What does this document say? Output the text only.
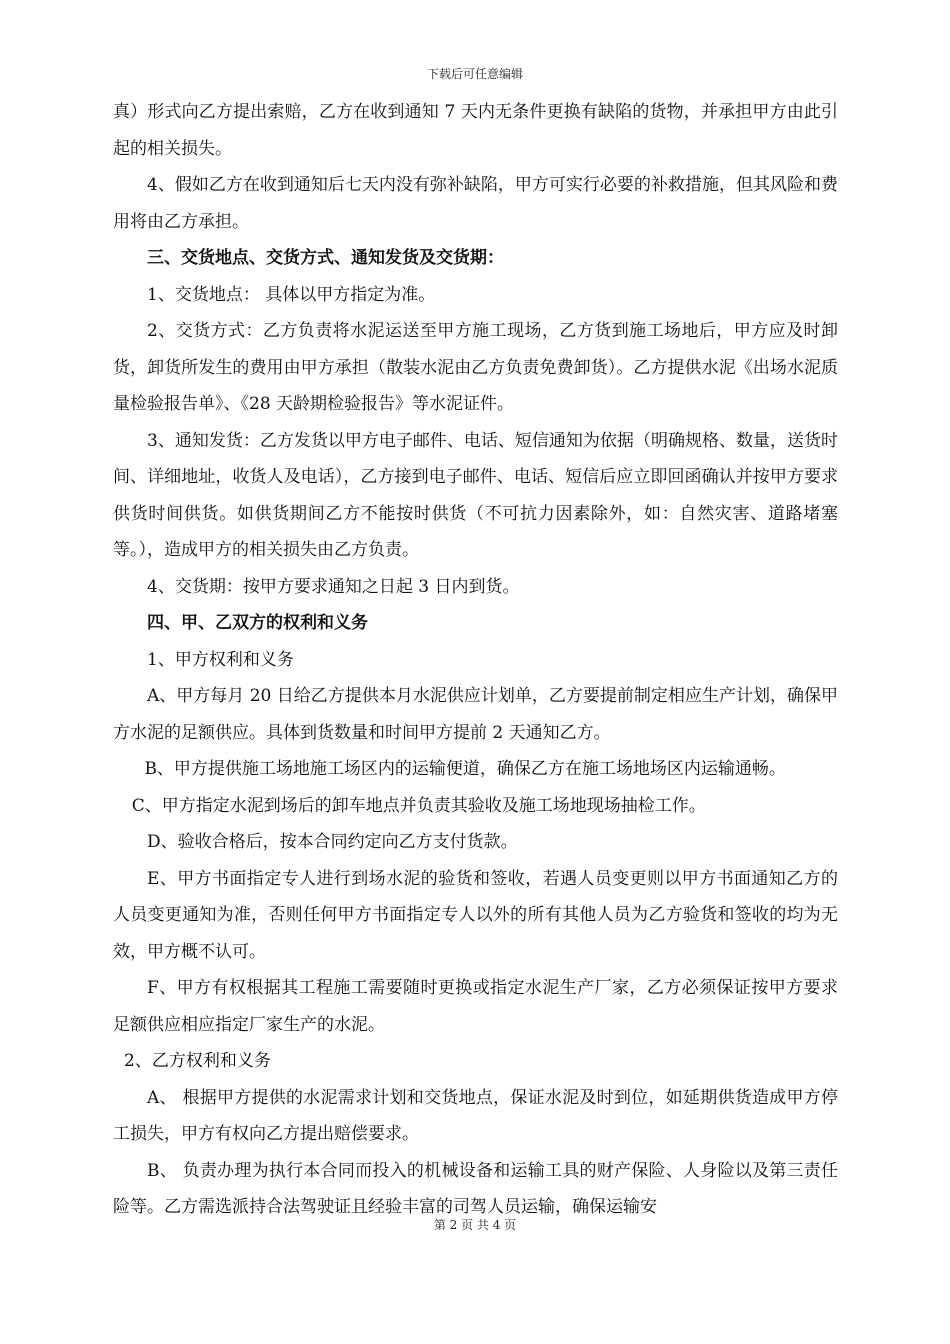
下载后可任意编辑

真）形式向乙方提出索赔，乙方在收到通知 7 天内无条件更换有缺陷的货物，并承担甲方由此引起的相关损失。

4、假如乙方在收到通知后七天内没有弥补缺陷，甲方可实行必要的补救措施，但其风险和费用将由乙方承担。

三、交货地点、交货方式、通知发货及交货期：

1、交货地点： 具体以甲方指定为准。

2、交货方式：乙方负责将水泥运送至甲方施工现场，乙方货到施工场地后，甲方应及时卸货，卸货所发生的费用由甲方承担（散装水泥由乙方负责免费卸货）。乙方提供水泥《出场水泥质量检验报告单》、《28 天龄期检验报告》等水泥证件。

3、通知发货：乙方发货以甲方电子邮件、电话、短信通知为依据（明确规格、数量，送货时间、详细地址，收货人及电话），乙方接到电子邮件、电话、短信后应立即回函确认并按甲方要求供货时间供货。如供货期间乙方不能按时供货（不可抗力因素除外，如：自然灾害、道路堵塞等。），造成甲方的相关损失由乙方负责。

4、交货期：按甲方要求通知之日起 3 日内到货。

四、甲、乙双方的权利和义务

1、甲方权利和义务

A、甲方每月 20 日给乙方提供本月水泥供应计划单，乙方要提前制定相应生产计划，确保甲方水泥的足额供应。具体到货数量和时间甲方提前 2 天通知乙方。

B、甲方提供施工场地施工场区内的运输便道，确保乙方在施工场地场区内运输通畅。

C、甲方指定水泥到场后的卸车地点并负责其验收及施工场地现场抽检工作。

D、验收合格后，按本合同约定向乙方支付货款。

E、甲方书面指定专人进行到场水泥的验货和签收，若遇人员变更则以甲方书面通知乙方的人员变更通知为准，否则任何甲方书面指定专人以外的所有其他人员为乙方验货和签收的均为无效，甲方概不认可。

F、甲方有权根据其工程施工需要随时更换或指定水泥生产厂家，乙方必须保证按甲方要求足额供应相应指定厂家生产的水泥。

2、乙方权利和义务

A、 根据甲方提供的水泥需求计划和交货地点，保证水泥及时到位，如延期供货造成甲方停工损失，甲方有权向乙方提出赔偿要求。

B、 负责办理为执行本合同而投入的机械设备和运输工具的财产保险、人身险以及第三责任险等。乙方需选派持合法驾驶证且经验丰富的司驾人员运输，确保运输安

第 2 页 共 4 页
